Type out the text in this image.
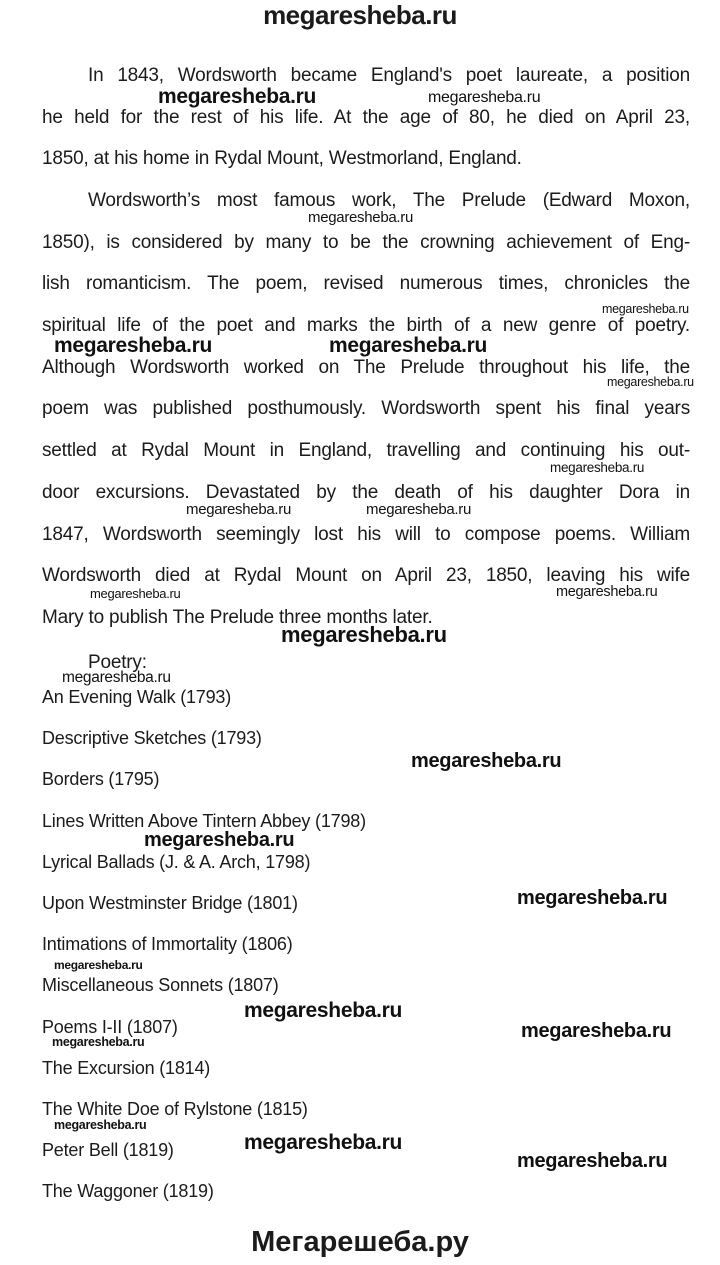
megaresheba.ru
In 1843, Wordsworth became England's poet laureate, a position
he held for the rest of his life. At the age of 80, he died on April 23,
1850, at his home in Rydal Mount, Westmorland, England.
Wordsworth’s most famous work, The Prelude (Edward Moxon,
1850), is considered by many to be the crowning achievement of Eng-
lish romanticism. The poem, revised numerous times, chronicles the
spiritual life of the poet and marks the birth of a new genre of poetry.
Although Wordsworth worked on The Prelude throughout his life, the
poem was published posthumously. Wordsworth spent his final years
settled at Rydal Mount in England, travelling and continuing his out-
door excursions. Devastated by the death of his daughter Dora in
1847, Wordsworth seemingly lost his will to compose poems. William
Wordsworth died at Rydal Mount on April 23, 1850, leaving his wife
Mary to publish The Prelude three months later.
Poetry:
An Evening Walk (1793)
Descriptive Sketches (1793)
Borders (1795)
Lines Written Above Tintern Abbey (1798)
Lyrical Ballads (J. & A. Arch, 1798)
Upon Westminster Bridge (1801)
Intimations of Immortality (1806)
Miscellaneous Sonnets (1807)
Poems I-II (1807)
The Excursion (1814)
The White Doe of Rylstone (1815)
Peter Bell (1819)
The Waggoner (1819)
megaresheba.ru	megaresheba.ru
megaresheba.ru
megaresheba.ru
megaresheba.ru	megaresheba.ru
megaresheba.ru
megaresheba.ru
megaresheba.ru	megaresheba.ru
megaresheba.ru	megaresheba.ru
megaresheba.ru
megaresheba.ru
megaresheba.ru
megaresheba.ru
megaresheba.ru
megaresheba.ru
megaresheba.ru
megaresheba.ru
megaresheba.ru
megaresheba.ru
megaresheba.ru
megaresheba.ru
Мегарешеба.ру
